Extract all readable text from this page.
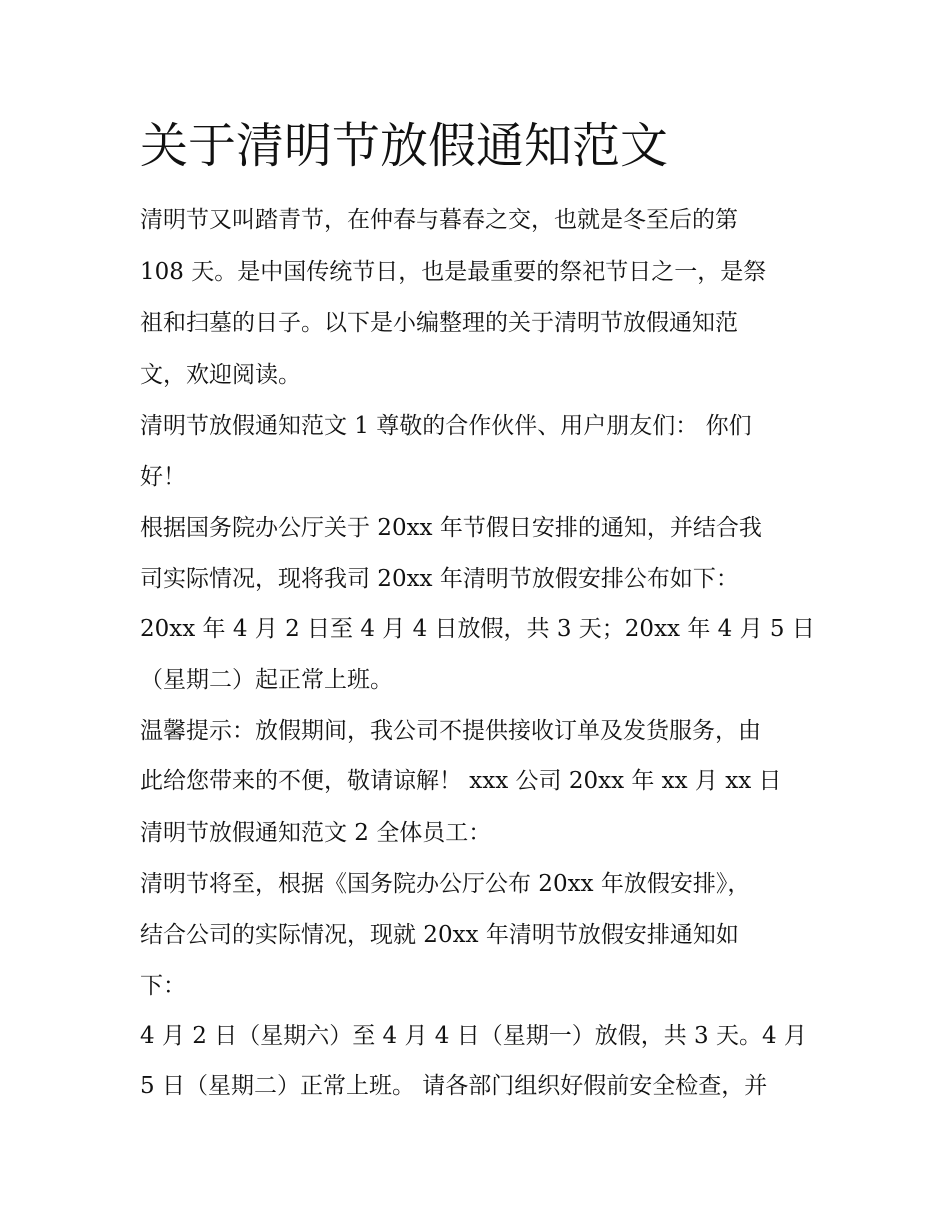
关于清明节放假通知范文
清明节又叫踏青节，在仲春与暮春之交，也就是冬至后的第
108 天。是中国传统节日，也是最重要的祭祀节日之一，是祭
祖和扫墓的日子。以下是小编整理的关于清明节放假通知范
文，欢迎阅读。
清明节放假通知范文 1 尊敬的合作伙伴、用户朋友们： 你们
好！
根据国务院办公厅关于 20xx 年节假日安排的通知，并结合我
司实际情况，现将我司 20xx 年清明节放假安排公布如下：
20xx 年 4 月 2 日至 4 月 4 日放假，共 3 天；20xx 年 4 月 5 日
（星期二）起正常上班。
温馨提示：放假期间，我公司不提供接收订单及发货服务，由
此给您带来的不便，敬请谅解！ xxx 公司 20xx 年 xx 月 xx 日
清明节放假通知范文 2 全体员工：
清明节将至，根据《国务院办公厅公布 20xx 年放假安排》，
结合公司的实际情况，现就 20xx 年清明节放假安排通知如
下：
4 月 2 日（星期六）至 4 月 4 日（星期一）放假，共 3 天。4 月
5 日（星期二）正常上班。 请各部门组织好假前安全检查，并
